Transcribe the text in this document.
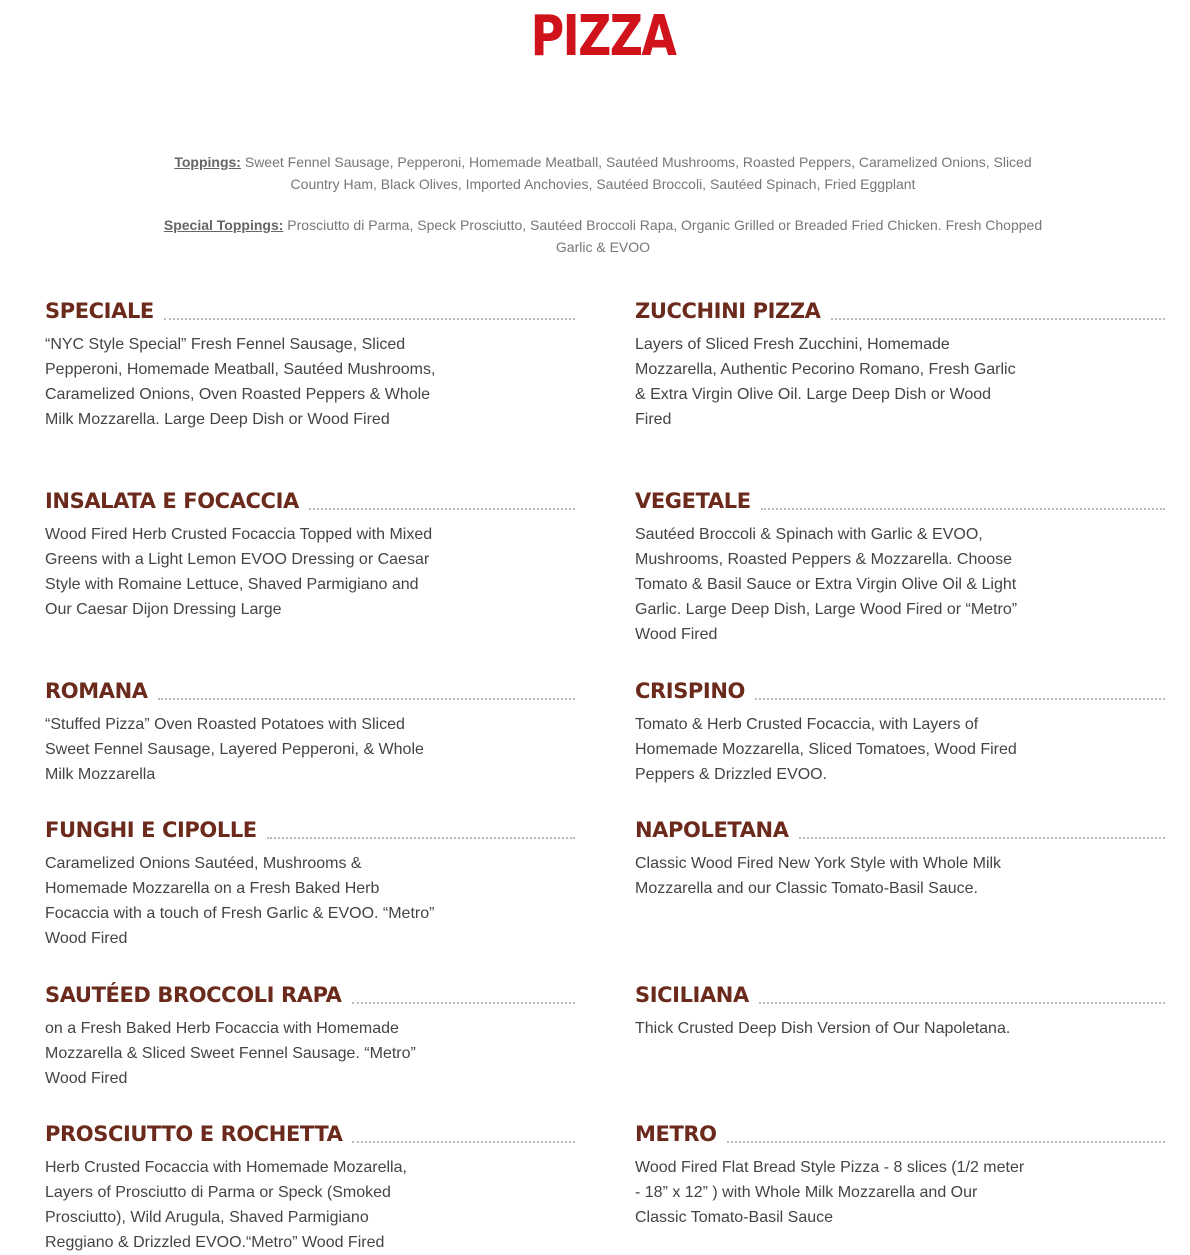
PIZZA
Toppings: Sweet Fennel Sausage, Pepperoni, Homemade Meatball, Sautéed Mushrooms, Roasted Peppers, Caramelized Onions, Sliced Country Ham, Black Olives, Imported Anchovies, Sautéed Broccoli, Sautéed Spinach, Fried Eggplant
Special Toppings: Prosciutto di Parma, Speck Prosciutto, Sautéed Broccoli Rapa, Organic Grilled or Breaded Fried Chicken. Fresh Chopped Garlic & EVOO
SPECIALE
“NYC Style Special” Fresh Fennel Sausage, Sliced Pepperoni, Homemade Meatball, Sautéed Mushrooms, Caramelized Onions, Oven Roasted Peppers & Whole Milk Mozzarella. Large Deep Dish or Wood Fired
ZUCCHINI PIZZA
Layers of Sliced Fresh Zucchini, Homemade Mozzarella, Authentic Pecorino Romano, Fresh Garlic & Extra Virgin Olive Oil. Large Deep Dish or Wood Fired
INSALATA E FOCACCIA
Wood Fired Herb Crusted Focaccia Topped with Mixed Greens with a Light Lemon EVOO Dressing or Caesar Style with Romaine Lettuce, Shaved Parmigiano and Our Caesar Dijon Dressing Large
VEGETALE
Sautéed Broccoli & Spinach with Garlic & EVOO, Mushrooms, Roasted Peppers & Mozzarella. Choose Tomato & Basil Sauce or Extra Virgin Olive Oil & Light Garlic. Large Deep Dish, Large Wood Fired or “Metro” Wood Fired
ROMANA
“Stuffed Pizza” Oven Roasted Potatoes with Sliced Sweet Fennel Sausage, Layered Pepperoni, & Whole Milk Mozzarella
CRISPINO
Tomato & Herb Crusted Focaccia, with Layers of Homemade Mozzarella, Sliced Tomatoes, Wood Fired Peppers & Drizzled EVOO.
FUNGHI E CIPOLLE
Caramelized Onions Sautéed, Mushrooms & Homemade Mozzarella on a Fresh Baked Herb Focaccia with a touch of Fresh Garlic & EVOO. “Metro” Wood Fired
NAPOLETANA
Classic Wood Fired New York Style with Whole Milk Mozzarella and our Classic Tomato-Basil Sauce.
SAUTÉED BROCCOLI RAPA
on a Fresh Baked Herb Focaccia with Homemade Mozzarella & Sliced Sweet Fennel Sausage. “Metro” Wood Fired
SICILIANA
Thick Crusted Deep Dish Version of Our Napoletana.
PROSCIUTTO E ROCHETTA
Herb Crusted Focaccia with Homemade Mozarella, Layers of Prosciutto di Parma or Speck (Smoked Prosciutto), Wild Arugula, Shaved Parmigiano Reggiano & Drizzled EVOO.“Metro” Wood Fired
METRO
Wood Fired Flat Bread Style Pizza - 8 slices (1/2 meter - 18” x 12” ) with Whole Milk Mozzarella and Our Classic Tomato-Basil Sauce
